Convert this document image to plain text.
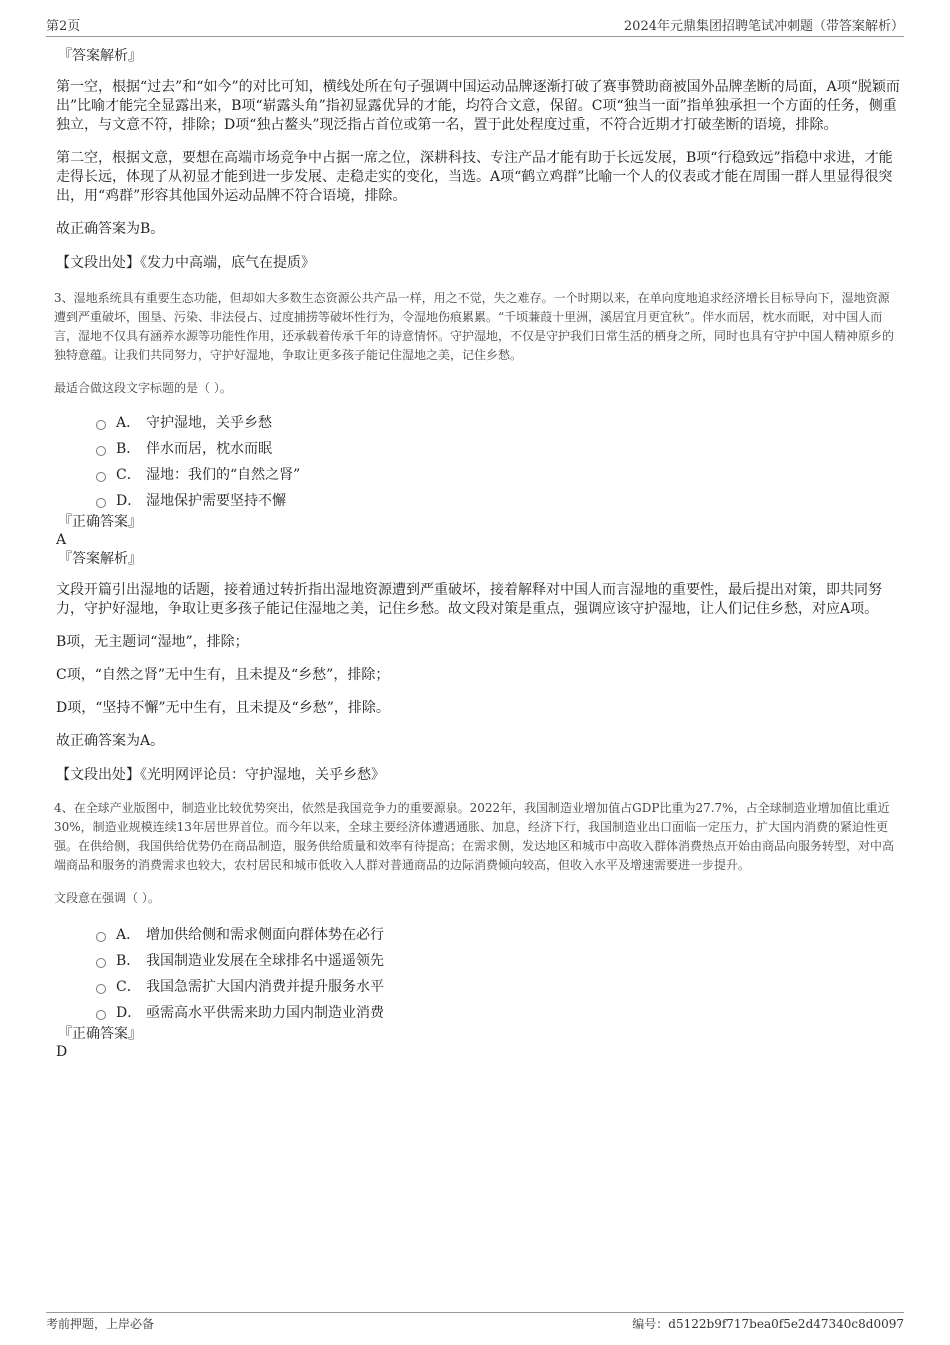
第2页	2024年元鼎集团招聘笔试冲刺题（带答案解析）

『答案解析』

第一空，根据“过去”和“如今”的对比可知，横线处所在句子强调中国运动品牌逐渐打破了赛事赞助商被国外品牌垄断的局面，A项“脱颖而出”比喻才能完全显露出来，B项“崭露头角”指初显露优异的才能，均符合文意，保留。C项“独当一面”指单独承担一个方面的任务，侧重独立，与文意不符，排除；D项“独占鳌头”现泛指占首位或第一名，置于此处程度过重，不符合近期才打破垄断的语境，排除。

第二空，根据文意，要想在高端市场竞争中占据一席之位，深耕科技、专注产品才能有助于长远发展，B项“行稳致远”指稳中求进，才能走得长远，体现了从初显才能到进一步发展、走稳走实的变化，当选。A项“鹤立鸡群”比喻一个人的仪表或才能在周围一群人里显得很突出，用“鸡群”形容其他国外运动品牌不符合语境，排除。

故正确答案为B。

【文段出处】《发力中高端，底气在提质》

3、湿地系统具有重要生态功能，但却如大多数生态资源公共产品一样，用之不觉，失之难存。一个时期以来，在单向度地追求经济增长目标导向下，湿地资源遭到严重破坏，围垦、污染、非法侵占、过度捕捞等破坏性行为，令湿地伤痕累累。“千顷蒹葭十里洲，溪居宜月更宜秋”。伴水而居，枕水而眠，对中国人而言，湿地不仅具有涵养水源等功能性作用，还承载着传承千年的诗意情怀。守护湿地，不仅是守护我们日常生活的栖身之所，同时也具有守护中国人精神原乡的独特意蕴。让我们共同努力，守护好湿地，争取让更多孩子能记住湿地之美，记住乡愁。

最适合做这段文字标题的是（ ）。

A． 守护湿地，关乎乡愁
B． 伴水而居，枕水而眠
C． 湿地：我们的“自然之肾”
D． 湿地保护需要坚持不懈

『正确答案』

A

『答案解析』

文段开篇引出湿地的话题，接着通过转折指出湿地资源遭到严重破坏，接着解释对中国人而言湿地的重要性，最后提出对策，即共同努力，守护好湿地，争取让更多孩子能记住湿地之美，记住乡愁。故文段对策是重点，强调应该守护湿地，让人们记住乡愁，对应A项。

B项，无主题词“湿地”，排除；

C项，“自然之肾”无中生有，且未提及“乡愁”，排除；

D项，“坚持不懈”无中生有，且未提及“乡愁”，排除。

故正确答案为A。

【文段出处】《光明网评论员：守护湿地，关乎乡愁》

4、在全球产业版图中，制造业比较优势突出，依然是我国竞争力的重要源泉。2022年，我国制造业增加值占GDP比重为27.7%，占全球制造业增加值比重近30%，制造业规模连续13年居世界首位。而今年以来，全球主要经济体遭遇通胀、加息，经济下行，我国制造业出口面临一定压力，扩大国内消费的紧迫性更强。在供给侧，我国供给优势仍在商品制造，服务供给质量和效率有待提高；在需求侧，发达地区和城市中高收入群体消费热点开始由商品向服务转型，对中高端商品和服务的消费需求也较大，农村居民和城市低收入人群对普通商品的边际消费倾向较高，但收入水平及增速需要进一步提升。

文段意在强调（ ）。

A． 增加供给侧和需求侧面向群体势在必行
B． 我国制造业发展在全球排名中遥遥领先
C． 我国急需扩大国内消费并提升服务水平
D． 亟需高水平供需来助力国内制造业消费

『正确答案』

D

考前押题，上岸必备	编号：d5122b9f717bea0f5e2d47340c8d0097
